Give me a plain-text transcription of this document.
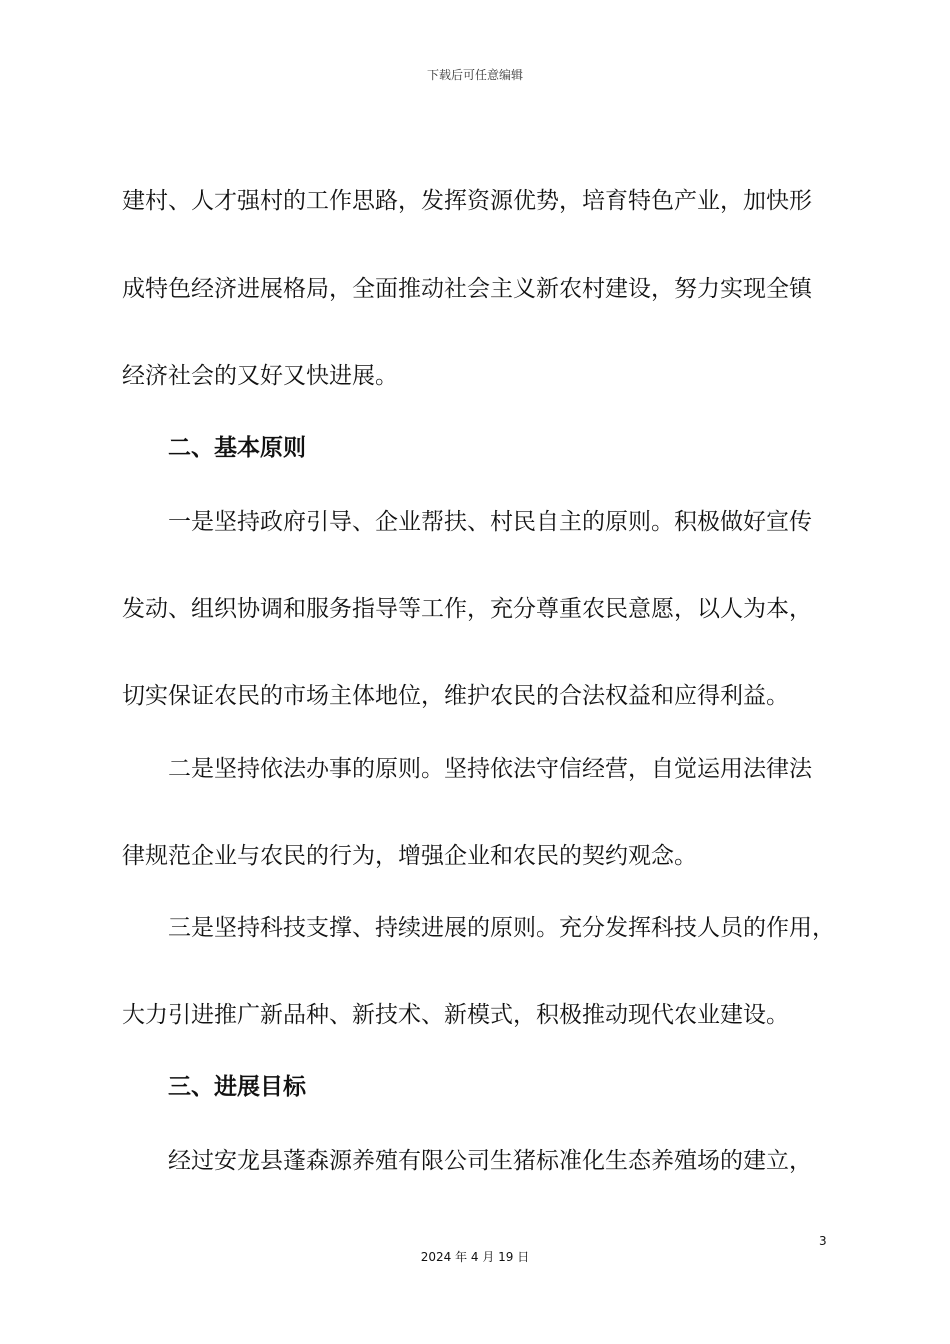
下载后可任意编辑
建村、人才强村的工作思路，发挥资源优势，培育特色产业，加快形
成特色经济进展格局，全面推动社会主义新农村建设，努力实现全镇
经济社会的又好又快进展。
二、基本原则
一是坚持政府引导、企业帮扶、村民自主的原则。积极做好宣传
发动、组织协调和服务指导等工作，充分尊重农民意愿，以人为本，
切实保证农民的市场主体地位，维护农民的合法权益和应得利益。
二是坚持依法办事的原则。坚持依法守信经营，自觉运用法律法
律规范企业与农民的行为，增强企业和农民的契约观念。
三是坚持科技支撑、持续进展的原则。充分发挥科技人员的作用，
大力引进推广新品种、新技术、新模式，积极推动现代农业建设。
三、进展目标
经过安龙县蓬森源养殖有限公司生猪标准化生态养殖场的建立，
3
2024 年 4 月 19 日
